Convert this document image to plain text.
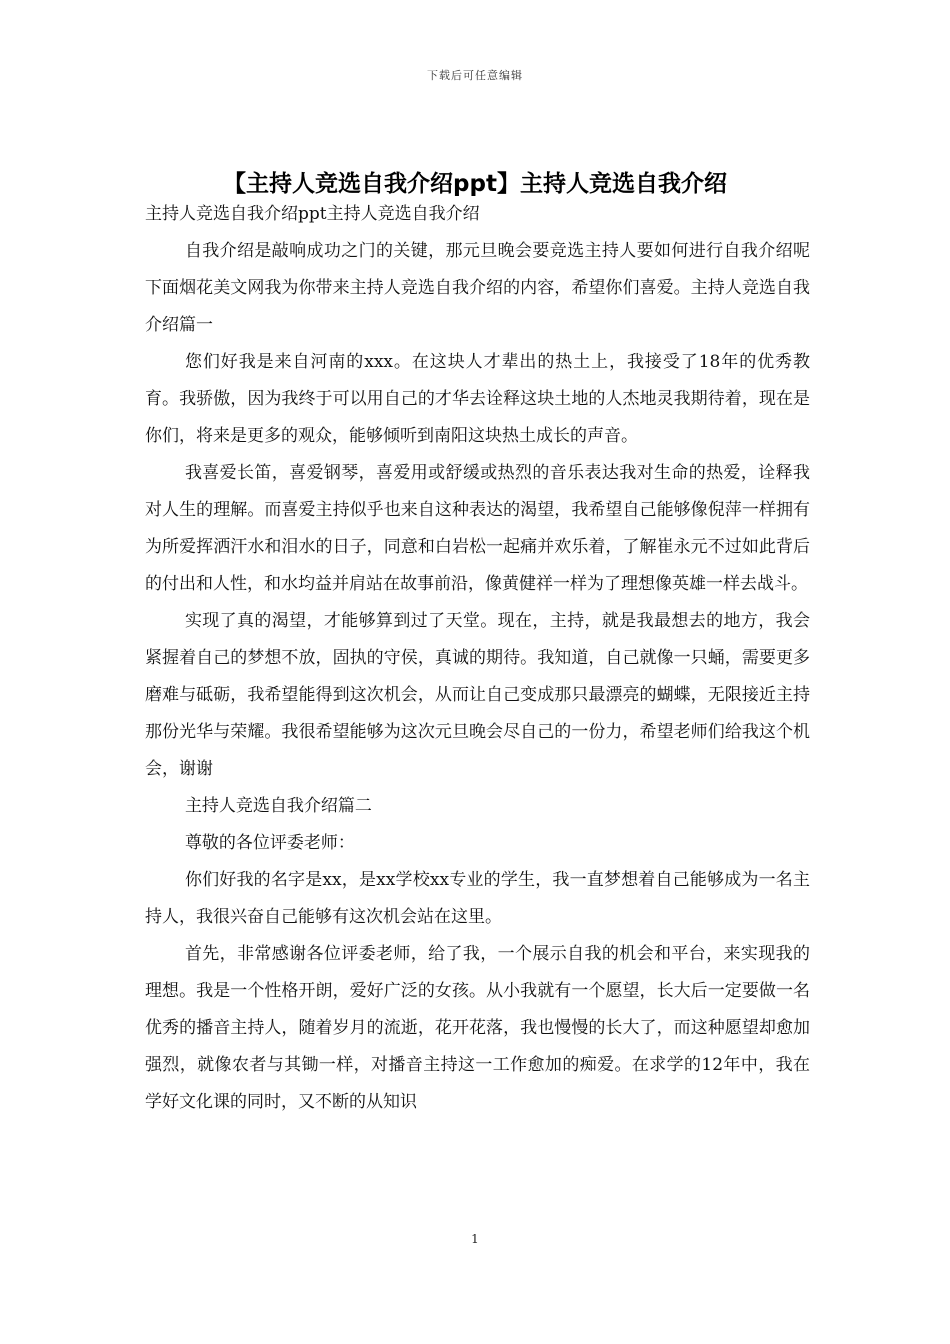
下载后可任意编辑
【主持人竞选自我介绍ppt】主持人竞选自我介绍

主持人竞选自我介绍ppt主持人竞选自我介绍

自我介绍是敲响成功之门的关键，那元旦晚会要竞选主持人要如何进行自我介绍呢下面烟花美文网我为你带来主持人竞选自我介绍的内容，希望你们喜爱。主持人竞选自我介绍篇一

您们好我是来自河南的xxx。在这块人才辈出的热土上，我接受了18年的优秀教育。我骄傲，因为我终于可以用自己的才华去诠释这块土地的人杰地灵我期待着，现在是你们，将来是更多的观众，能够倾听到南阳这块热土成长的声音。

我喜爱长笛，喜爱钢琴，喜爱用或舒缓或热烈的音乐表达我对生命的热爱，诠释我对人生的理解。而喜爱主持似乎也来自这种表达的渴望，我希望自己能够像倪萍一样拥有为所爱挥洒汗水和泪水的日子，同意和白岩松一起痛并欢乐着，了解崔永元不过如此背后的付出和人性，和水均益并肩站在故事前沿，像黄健祥一样为了理想像英雄一样去战斗。

实现了真的渴望，才能够算到过了天堂。现在，主持，就是我最想去的地方，我会紧握着自己的梦想不放，固执的守侯，真诚的期待。我知道，自己就像一只蛹，需要更多磨难与砥砺，我希望能得到这次机会，从而让自己变成那只最漂亮的蝴蝶，无限接近主持那份光华与荣耀。我很希望能够为这次元旦晚会尽自己的一份力，希望老师们给我这个机会，谢谢

主持人竞选自我介绍篇二

尊敬的各位评委老师：

你们好我的名字是xx，是xx学校xx专业的学生，我一直梦想着自己能够成为一名主持人，我很兴奋自己能够有这次机会站在这里。

首先，非常感谢各位评委老师，给了我，一个展示自我的机会和平台，来实现我的理想。我是一个性格开朗，爱好广泛的女孩。从小我就有一个愿望，长大后一定要做一名优秀的播音主持人，随着岁月的流逝，花开花落，我也慢慢的长大了，而这种愿望却愈加强烈，就像农者与其锄一样，对播音主持这一工作愈加的痴爱。在求学的12年中，我在学好文化课的同时，又不断的从知识

1
